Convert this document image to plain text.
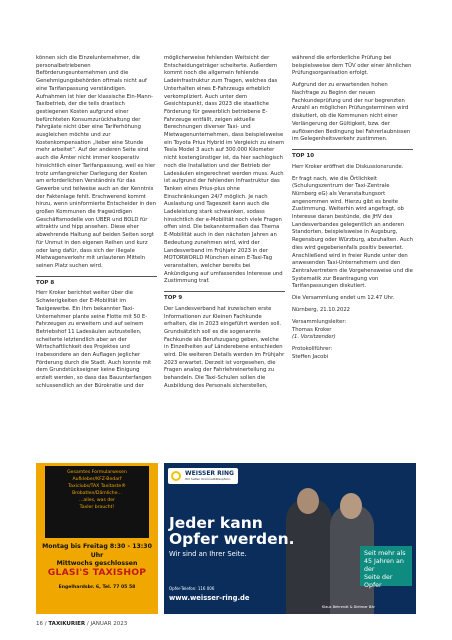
können sich die Einzelunternehmer, die personalbetriebenen Beförderungsunternehmen und die Genehmigungsbehörden oftmals nicht auf eine Tarifanpassung verständigen. Aufnahmen ist hier der klassische Ein-Mann-Taxibetrieb, der die teils drastisch gestiegenen Kosten aufgrund einer befürchteten Konsumzurückhaltung der Fahrgäste nicht über eine Tariferhöhung ausgleichen möchte und zur Kostenkompensation „lieber eine Stunde mehr arbeitet“. Auf der anderen Seite sind auch die Ämter nicht immer kooperativ hinsichtlich einer Tarifanpassung, weil es hier trotz umfangreicher Darlegung der Kosten am erforderlichen Verständnis für das Gewerbe und teilweise auch an der Kenntnis der Faktenlage fehlt. Erschwerend kommt hinzu, wenn uninformierte Entscheider in den großen Kommunen die fragwürdigen Geschäftsmodelle von UBER und BOLD für attraktiv und hipp ansehen. Diese eher abwehrende Haltung auf beiden Seiten sorgt für Unmut in den eigenen Reihen und kurz oder lang dafür, dass sich der illegale Mietwagenverkehr mit unlauteren Mitteln seinen Platz suchen wird.

TOP 8

Herr Kroker berichtet weiter über die Schwierigkeiten der E-Mobilität im Taxigewerbe. Ein Ihm bekannter Taxi-Unternehmer plante seine Flotte mit 50 E-Fahrzeugen zu erweitern und auf seinem Betriebshof 11 Ladesäulen aufzustellen, scheiterte letztendlich aber an der Wirtschaftlichkeit des Projektes und insbesondere an den Auflagen jeglicher Förderung durch die Stadt. Auch konnte mit dem Grundstückseigner keine Einigung erzielt werden, so dass das Bauunterfangen schlussendlich an der Bürokratie und der

möglicherweise fehlenden Weitsicht der Entscheidungsträger scheiterte. Außerdem kommt noch die allgemein fehlende Ladeinfrastruktur zum Tragen, welches das Unterhalten eines E-Fahrzeugs erheblich verkompliziert. Auch unter dem Gesichtspunkt, dass 2023 die staatliche Förderung für gewerblich betriebene E-Fahrzeuge entfällt, zeigen aktuelle Berechnungen diverser Taxi- und Mietwagenunternehmen, dass beispielsweise ein Toyota Prius Hybrid im Vergleich zu einem Tesla Model 3 auch auf 300.000 Kilometer nicht kostengünstiger ist, da hier sachlogisch noch die Installation und der Betrieb der Ladesäulen eingerechnet werden muss. Auch ist aufgrund der fehlenden Infrastruktur das Tanken eines Prius-plus ohne Einschränkungen 24/7 möglich. Je nach Auslastung und Tageszeit kann auch die Ladeleistung stark schwanken, sodass hinsichtlich der e-Mobilität noch viele Fragen offen sind. Die bekanntermaßen das Thema E-Mobilität auch in den nächsten Jahren an Bedeutung zunehmen wird, wird der Landesverband im Frühjahr 2023 in der MOTORWORLD München einen E-Taxi-Tag veranstalten, welcher bereits bei Ankündigung auf umfassendes Interesse und Zustimmung traf.

TOP 9

Der Landesverband hat inzwischen erste Informationen zur Kleinen Fachkunde erhalten, die in 2023 eingeführt werden soll. Grundsätzlich soll es die sogenannte Fachkunde als Berufszugang geben, welche in Einzelheiten auf Länderebene entschieden wird. Die weiteren Details werden im Frühjahr 2023 erwartet. Derzeit ist vorgesehen, die Fragen analog der Fahrlehreinerteilung zu behandeln. Die Taxi-Schulen sollen die Ausbildung des Personals sicherstellen,

während die erforderliche Prüfung bei beispielsweise dem TÜV oder einer ähnlichen Prüfungsorganisation erfolgt.

Aufgrund der zu erwartenden hohen Nachfrage zu Beginn der neuen Fachkundeprüfung und der nur begrenzten Anzahl an möglichen Prüfungsterminen wird diskutiert, ob die Kommunen nicht einer Verlängerung der Gültigkeit, bzw. der auflösenden Bedingung bei Fahrerlaubnissen im Gelegenheitsverkehr zustimmen.

TOP 10

Herr Kroker eröffnet die Diskussionsrunde.

Er fragt nach, wie die Örtlichkeit (Schulungszentrum der Taxi-Zentrale Nürnberg eG) als Veranstaltungsort angenommen wird. Hierzu gibt es breite Zustimmung. Weiterhin wird angefragt, ob Interesse daran bestünde, die JHV des Landesverbandes gelegentlich an anderen Standorten, beispielsweise in Augsburg, Regensburg oder Würzburg, abzuhalten. Auch dies wird gegebenenfalls positiv bewertet. Anschließend wird in freier Runde unter den anwesenden Taxi-Unternehmern und den Zentralvertretern die Vorgehensweise und die Systematik zur Beantragung von Tarifanpassungen diskutiert.

Die Versammlung endet um 12.47 Uhr.

Nürnberg, 21.10.2022

Versammlungsleiter:

Thomas Kroker

(1. Vorsitzender)

Protokollführer:

Steffen Jacobi

Gesamtes Formularwesen
Aufkleber/KFZ-Bedarf
Taxiclubs/TAX Taxitaste®
Brobatlen/Dämliche...
...alles, was der
Taxler braucht!
Montag bis Freitag 8:30 - 13:30 Uhr
Mittwochs geschlossen
GLASI'S TAXISHOP
Engelhardsbr. 6, Tel. 77 05 58
WEISSER RING
Wir helfen Kriminalitätsopfern.
Jeder kann
Opfer werden.
Wir sind an Ihrer Seite.
Opfer-Telefon: 116 006
www.weisser-ring.de
Klaus Behrendt & Dietmar Bär
Seit mehr als
45 Jahren an der
Seite der Opfer
16 / TAXIKURIER / JANUAR 2023
